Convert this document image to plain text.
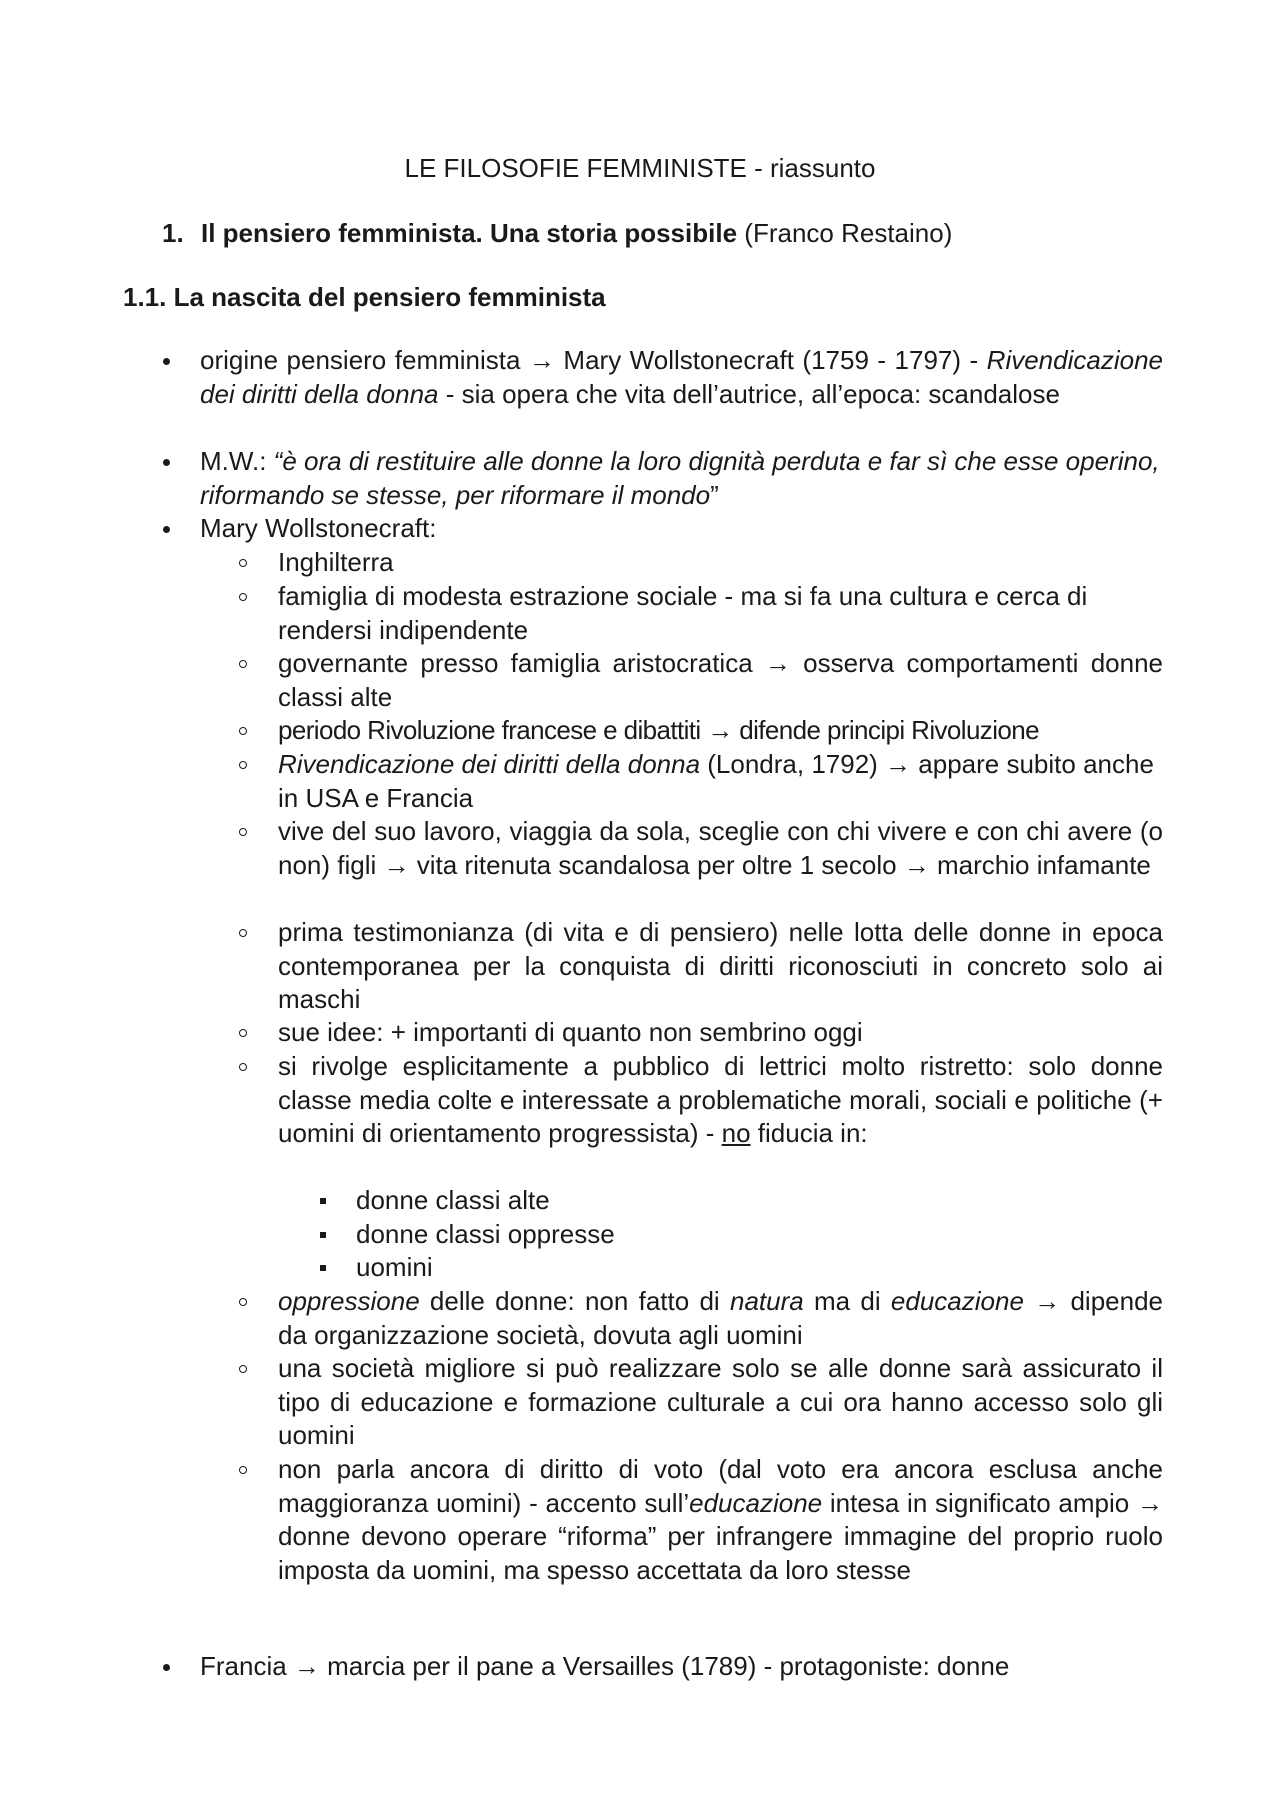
LE FILOSOFIE FEMMINISTE - riassunto
1. Il pensiero femminista. Una storia possibile (Franco Restaino)
1.1. La nascita del pensiero femminista
origine pensiero femminista → Mary Wollstonecraft (1759 - 1797) - Rivendicazione dei diritti della donna - sia opera che vita dell’autrice, all’epoca: scandalose
M.W.: “è ora di restituire alle donne la loro dignità perduta e far sì che esse operino, riformando se stesse, per riformare il mondo”
Mary Wollstonecraft:
Inghilterra
famiglia di modesta estrazione sociale - ma si fa una cultura e cerca di rendersi indipendente
governante presso famiglia aristocratica → osserva comportamenti donne classi alte
periodo Rivoluzione francese e dibattiti → difende principi Rivoluzione
Rivendicazione dei diritti della donna (Londra, 1792) → appare subito anche in USA e Francia
vive del suo lavoro, viaggia da sola, sceglie con chi vivere e con chi avere (o non) figli → vita ritenuta scandalosa per oltre 1 secolo → marchio infamante
prima testimonianza (di vita e di pensiero) nelle lotta delle donne in epoca contemporanea per la conquista di diritti riconosciuti in concreto solo ai maschi
sue idee: + importanti di quanto non sembrino oggi
si rivolge esplicitamente a pubblico di lettrici molto ristretto: solo donne classe media colte e interessate a problematiche morali, sociali e politiche (+ uomini di orientamento progressista) - no fiducia in:
donne classi alte
donne classi oppresse
uomini
oppressione delle donne: non fatto di natura ma di educazione → dipende da organizzazione società, dovuta agli uomini
una società migliore si può realizzare solo se alle donne sarà assicurato il tipo di educazione e formazione culturale a cui ora hanno accesso solo gli uomini
non parla ancora di diritto di voto (dal voto era ancora esclusa anche maggioranza uomini) - accento sull’educazione intesa in significato ampio → donne devono operare “riforma” per infrangere immagine del proprio ruolo imposta da uomini, ma spesso accettata da loro stesse
Francia → marcia per il pane a Versailles (1789) - protagoniste: donne
